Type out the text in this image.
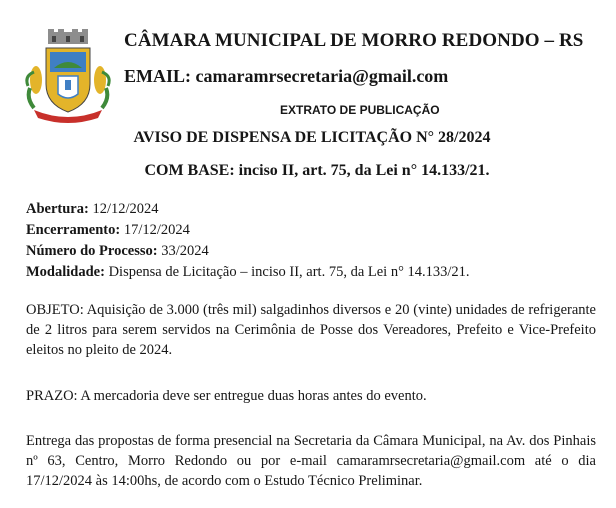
CÂMARA MUNICIPAL DE MORRO REDONDO – RS
EMAIL: camaramrsecretaria@gmail.com
EXTRATO DE PUBLICAÇÃO
AVISO DE DISPENSA DE LICITAÇÃO N° 28/2024
COM BASE: inciso II, art. 75, da Lei n° 14.133/21.
Abertura: 12/12/2024
Encerramento: 17/12/2024
Número do Processo: 33/2024
Modalidade: Dispensa de Licitação – inciso II, art. 75, da Lei n° 14.133/21.
OBJETO: Aquisição de 3.000 (três mil) salgadinhos diversos e 20 (vinte) unidades de refrigerante de 2 litros para serem servidos na Cerimônia de Posse dos Vereadores, Prefeito e Vice-Prefeito eleitos no pleito de 2024.
PRAZO: A mercadoria deve ser entregue duas horas antes do evento.
Entrega das propostas de forma presencial na Secretaria da Câmara Municipal, na Av. dos Pinhais nº 63, Centro, Morro Redondo ou por e-mail camaramrsecretaria@gmail.com até o dia 17/12/2024 às 14:00hs, de acordo com o Estudo Técnico Preliminar.
